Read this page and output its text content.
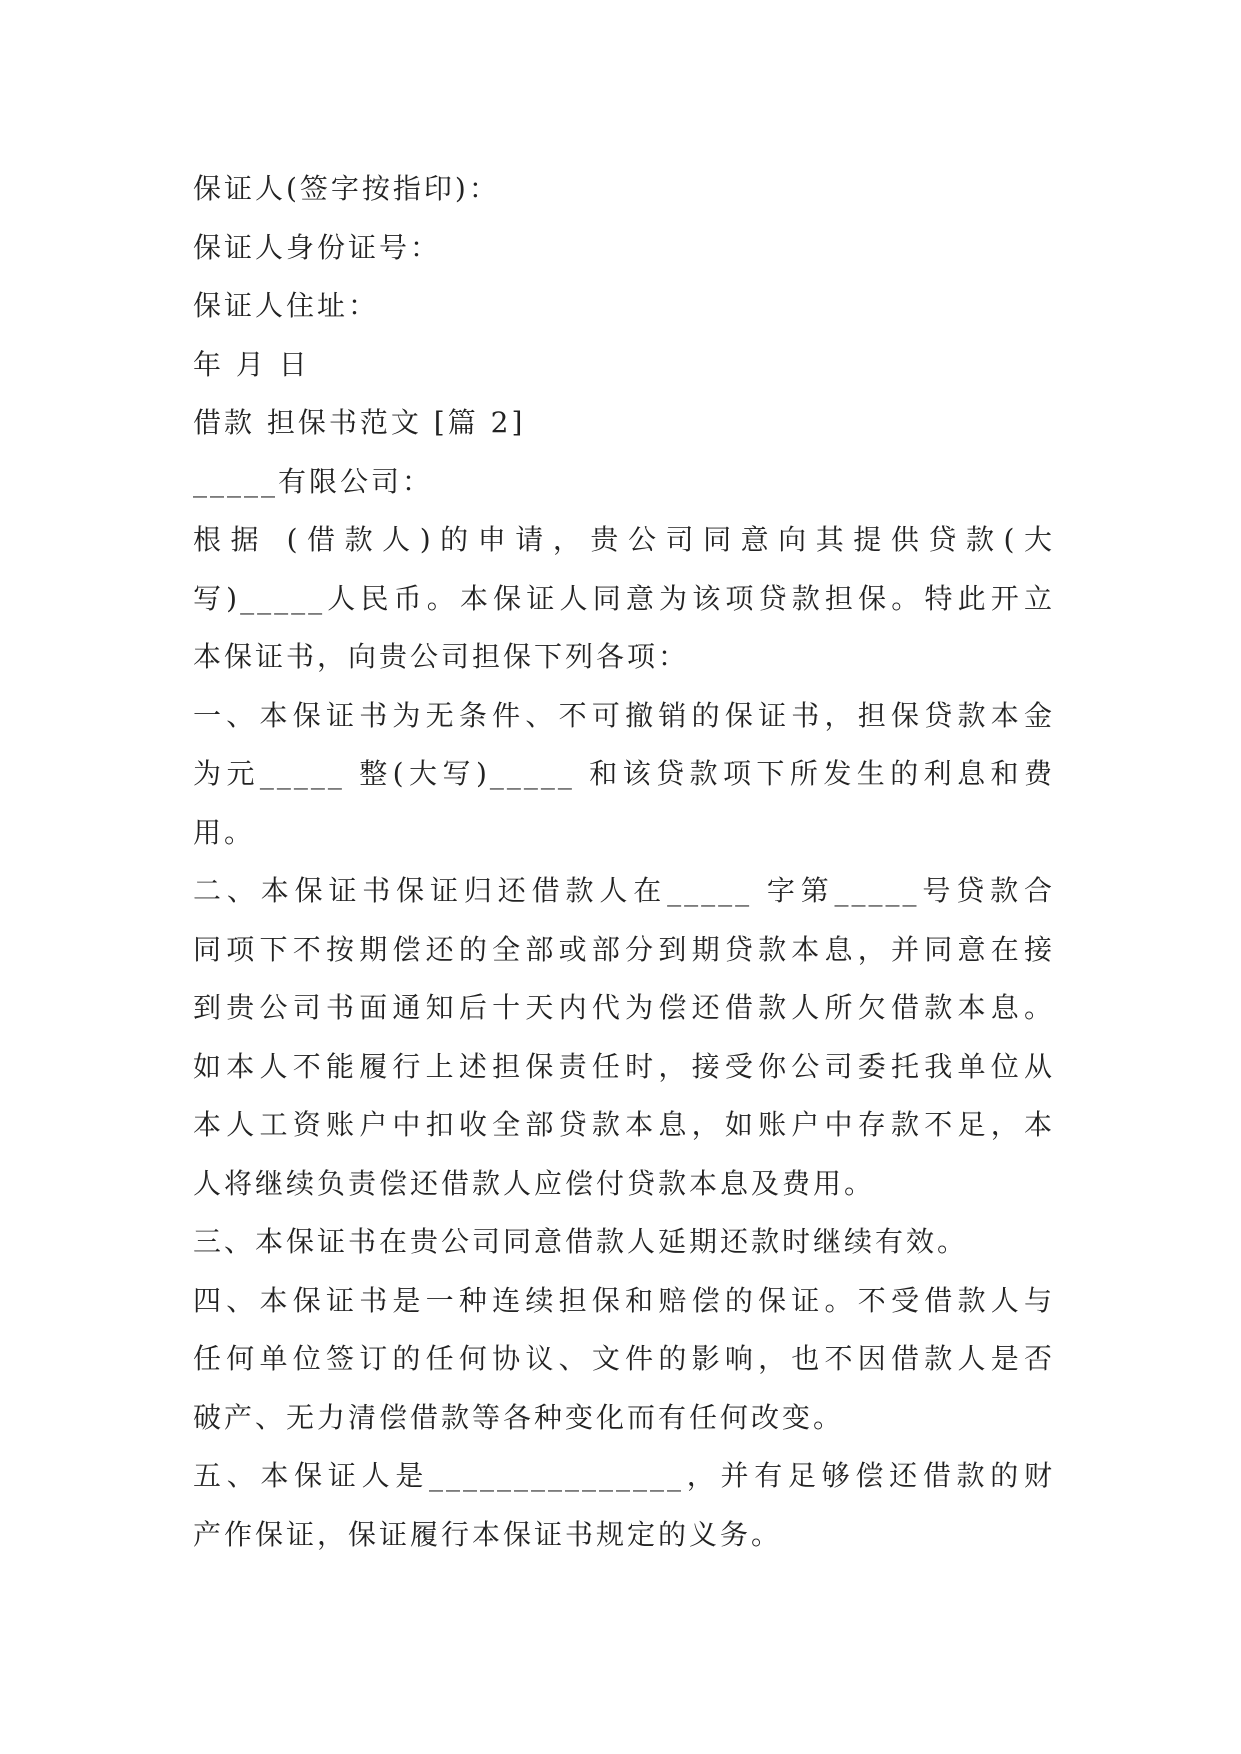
保证人(签字按指印)：
保证人身份证号：
保证人住址：
年 月 日
借款 担保书范文 [篇 2]
_____有限公司：
根据 (借款人)的申请，贵公司同意向其提供贷款(大
写)_____人民币。本保证人同意为该项贷款担保。特此开立
本保证书，向贵公司担保下列各项：
一、本保证书为无条件、不可撤销的保证书，担保贷款本金
为元_____ 整(大写)_____ 和该贷款项下所发生的利息和费
用。
二、本保证书保证归还借款人在_____ 字第_____号贷款合
同项下不按期偿还的全部或部分到期贷款本息，并同意在接
到贵公司书面通知后十天内代为偿还借款人所欠借款本息。
如本人不能履行上述担保责任时，接受你公司委托我单位从
本人工资账户中扣收全部贷款本息，如账户中存款不足，本
人将继续负责偿还借款人应偿付贷款本息及费用。
三、本保证书在贵公司同意借款人延期还款时继续有效。
四、本保证书是一种连续担保和赔偿的保证。不受借款人与
任何单位签订的任何协议、文件的影响，也不因借款人是否
破产、无力清偿借款等各种变化而有任何改变。
五、本保证人是_______________，并有足够偿还借款的财
产作保证，保证履行本保证书规定的义务。
